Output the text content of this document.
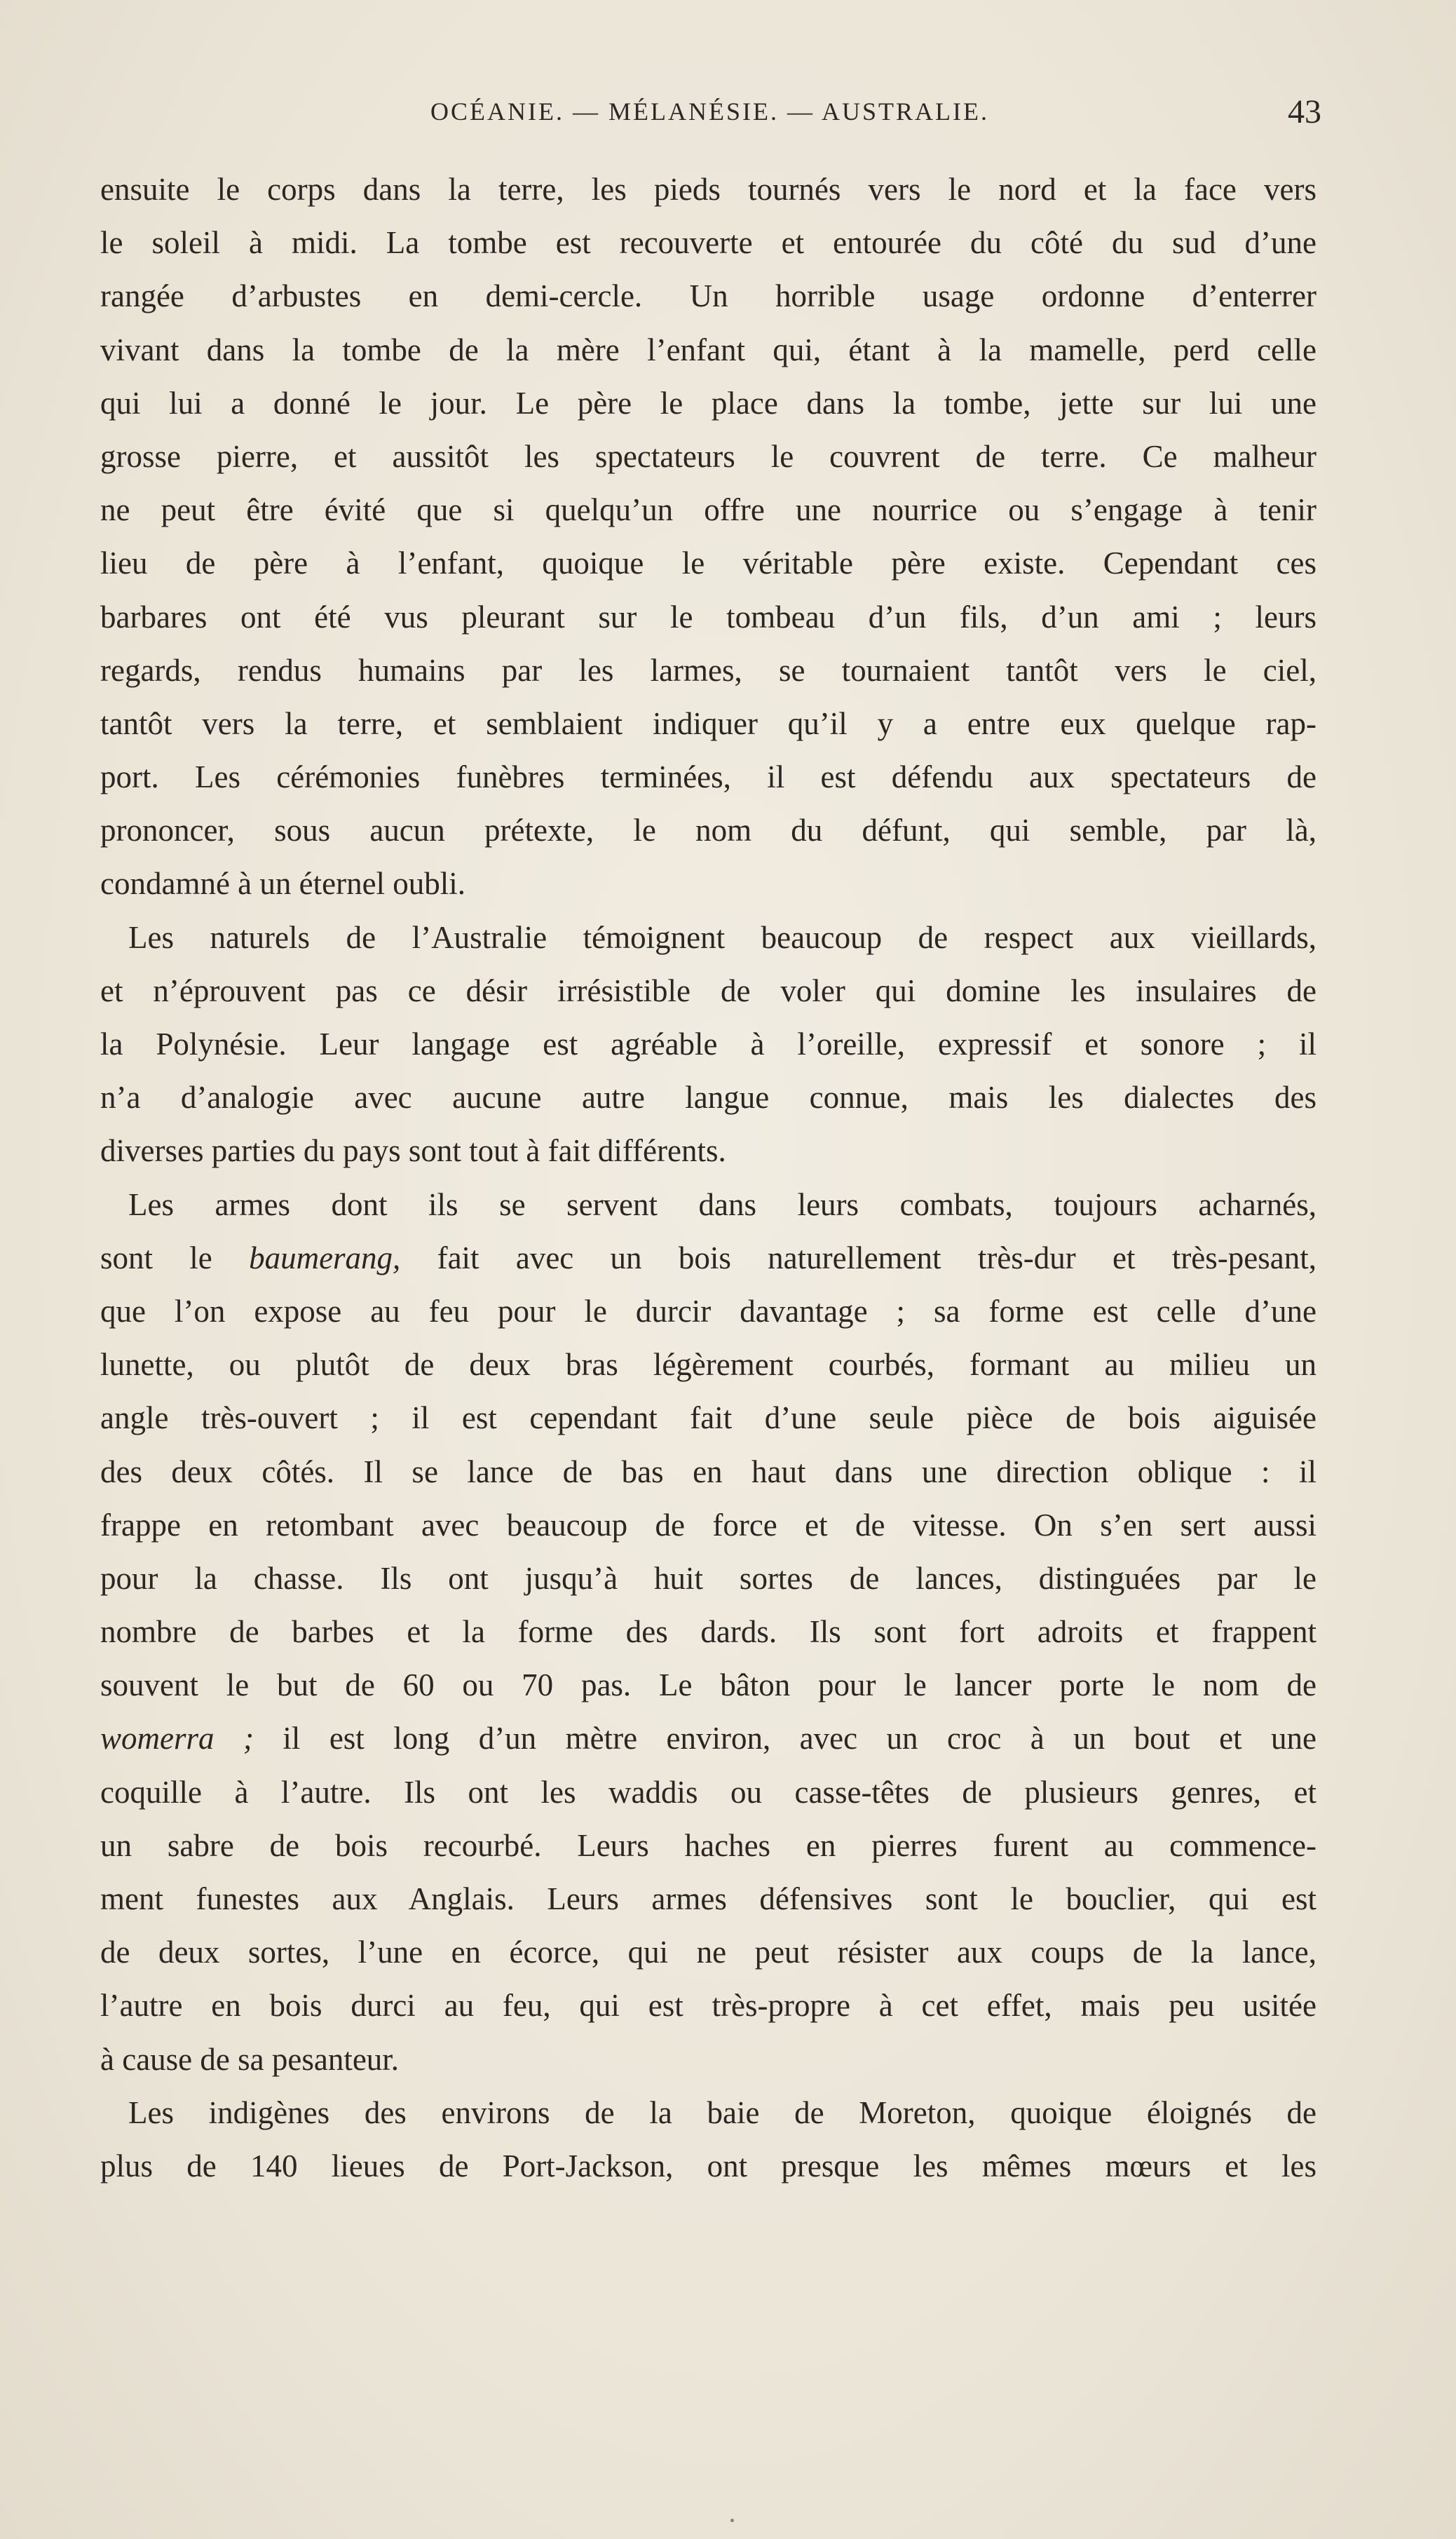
OCÉANIE. — MÉLANÉSIE. — AUSTRALIE.	43
ensuite le corps dans la terre, les pieds tournés vers le nord et la face vers
le soleil à midi. La tombe est recouverte et entourée du côté du sud d’une
rangée d’arbustes en demi-cercle. Un horrible usage ordonne d’enterrer
vivant dans la tombe de la mère l’enfant qui, étant à la mamelle, perd celle
qui lui a donné le jour. Le père le place dans la tombe, jette sur lui une
grosse pierre, et aussitôt les spectateurs le couvrent de terre. Ce malheur
ne peut être évité que si quelqu’un offre une nourrice ou s’engage à tenir
lieu de père à l’enfant, quoique le véritable père existe. Cependant ces
barbares ont été vus pleurant sur le tombeau d’un fils, d’un ami ; leurs
regards, rendus humains par les larmes, se tournaient tantôt vers le ciel,
tantôt vers la terre, et semblaient indiquer qu’il y a entre eux quelque rap-
port. Les cérémonies funèbres terminées, il est défendu aux spectateurs de
prononcer, sous aucun prétexte, le nom du défunt, qui semble, par là,
condamné à un éternel oubli.
Les naturels de l’Australie témoignent beaucoup de respect aux vieillards,
et n’éprouvent pas ce désir irrésistible de voler qui domine les insulaires de
la Polynésie. Leur langage est agréable à l’oreille, expressif et sonore ; il
n’a d’analogie avec aucune autre langue connue, mais les dialectes des
diverses parties du pays sont tout à fait différents.
Les armes dont ils se servent dans leurs combats, toujours acharnés,
sont le baumerang, fait avec un bois naturellement très-dur et très-pesant,
que l’on expose au feu pour le durcir davantage ; sa forme est celle d’une
lunette, ou plutôt de deux bras légèrement courbés, formant au milieu un
angle très-ouvert ; il est cependant fait d’une seule pièce de bois aiguisée
des deux côtés. Il se lance de bas en haut dans une direction oblique : il
frappe en retombant avec beaucoup de force et de vitesse. On s’en sert aussi
pour la chasse. Ils ont jusqu’à huit sortes de lances, distinguées par le
nombre de barbes et la forme des dards. Ils sont fort adroits et frappent
souvent le but de 60 ou 70 pas. Le bâton pour le lancer porte le nom de
womerra ; il est long d’un mètre environ, avec un croc à un bout et une
coquille à l’autre. Ils ont les waddis ou casse-têtes de plusieurs genres, et
un sabre de bois recourbé. Leurs haches en pierres furent au commence-
ment funestes aux Anglais. Leurs armes défensives sont le bouclier, qui est
de deux sortes, l’une en écorce, qui ne peut résister aux coups de la lance,
l’autre en bois durci au feu, qui est très-propre à cet effet, mais peu usitée
à cause de sa pesanteur.
Les indigènes des environs de la baie de Moreton, quoique éloignés de
plus de 140 lieues de Port-Jackson, ont presque les mêmes mœurs et les
